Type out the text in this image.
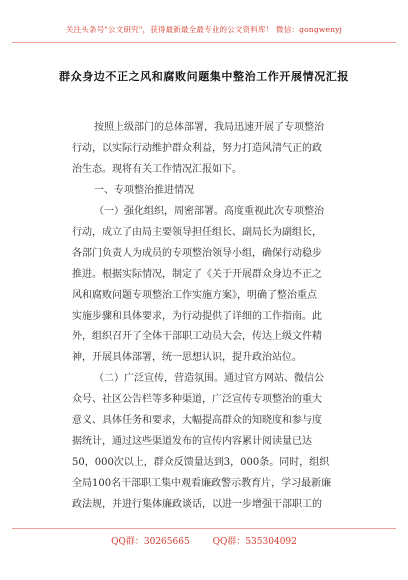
关注头条号"公文研究"，获得最新最全最专业的公文资料库！ 微信：gongwenyj
群众身边不正之风和腐败问题集中整治工作开展情况汇报
按照上级部门的总体部署，我局迅速开展了专项整治
行动，以实际行动维护群众利益，努力打造风清气正的政
治生态。现将有关工作情况汇报如下。
一、专项整治推进情况
（一）强化组织，周密部署。高度重视此次专项整治
行动，成立了由局主要领导担任组长、副局长为副组长，
各部门负责人为成员的专项整治领导小组，确保行动稳步
推进。根据实际情况，制定了《关于开展群众身边不正之
风和腐败问题专项整治工作实施方案》，明确了整治重点
实施步骤和具体要求，为行动提供了详细的工作指南。此
外，组织召开了全体干部职工动员大会，传达上级文件精
神，开展具体部署，统一思想认识，提升政治站位。
（二）广泛宣传，营造氛围。通过官方网站、微信公
众号、社区公告栏等多种渠道，广泛宣传专项整治的重大
意义、具体任务和要求，大幅提高群众的知晓度和参与度
据统计，通过这些渠道发布的宣传内容累计阅读量已达
50，000次以上，群众反馈量达到3，000条。同时，组织
全局100名干部职工集中观看廉政警示教育片，学习最新廉
政法规，并进行集体廉政谈话，以进一步增强干部职工的
QQ群：30265665	QQ群：535304092
